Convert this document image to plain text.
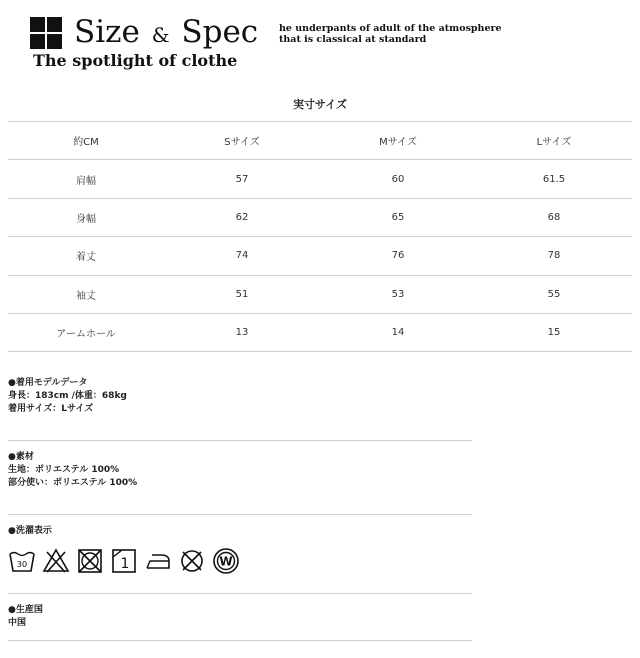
Size & Spec he underpants of adult of the atmosphere
that is classical at standard
The spotlight of clothe
実寸サイズ
約CM	Sサイズ	Mサイズ	Lサイズ
肩幅	57	60	61.5
身幅	62	65	68
着丈	74	76	78
袖丈	51	53	55
アームホール	13	14	15
● 着用モデルデータ
身長：183cm /体重：68kg
着用サイズ：Lサイズ
● 素材
生地：ポリエステル 100%
部分使い：ポリエステル 100%
● 洗濯表示
30	1	W
● 生産国
中国
